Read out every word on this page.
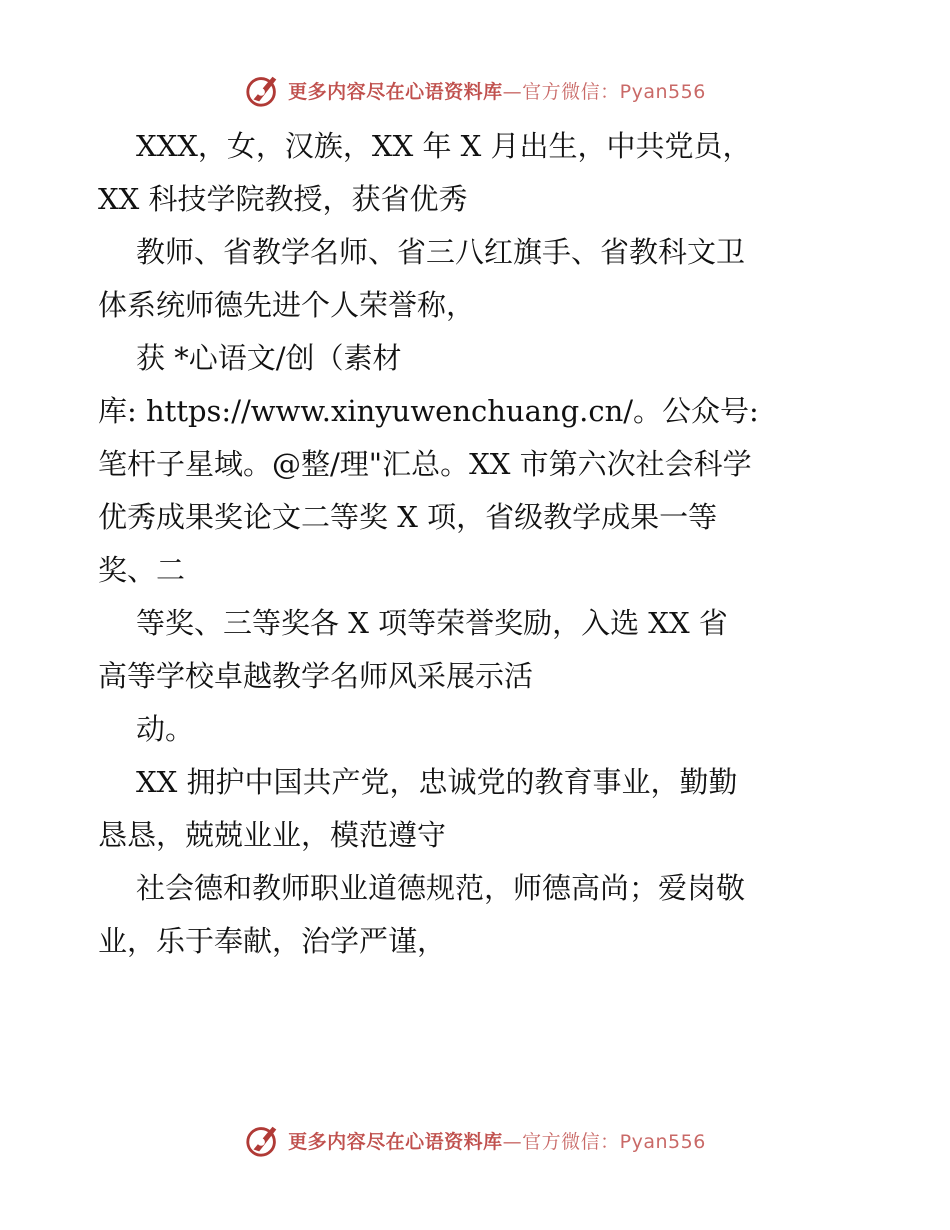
更多内容尽在心语资料库—官方微信：Pyan556
XXX，女，汉族，XX 年 X 月出生，中共党员，
XX 科技学院教授，获省优秀
教师、省教学名师、省三八红旗手、省教科文卫
体系统师德先进个人荣誉称，
获 *心语文/创（素材
库: https://www.xinyuwenchuang.cn/。公众号:
笔杆子星域。@整/理"汇总。XX 市第六次社会科学
优秀成果奖论文二等奖 X 项，省级教学成果一等
奖、二
等奖、三等奖各 X 项等荣誉奖励，入选 XX 省
高等学校卓越教学名师风采展示活
动。
XX 拥护中国共产党，忠诚党的教育事业，勤勤
恳恳，兢兢业业，模范遵守
社会德和教师职业道德规范，师德高尚；爱岗敬
业，乐于奉献，治学严谨，
更多内容尽在心语资料库—官方微信：Pyan556
